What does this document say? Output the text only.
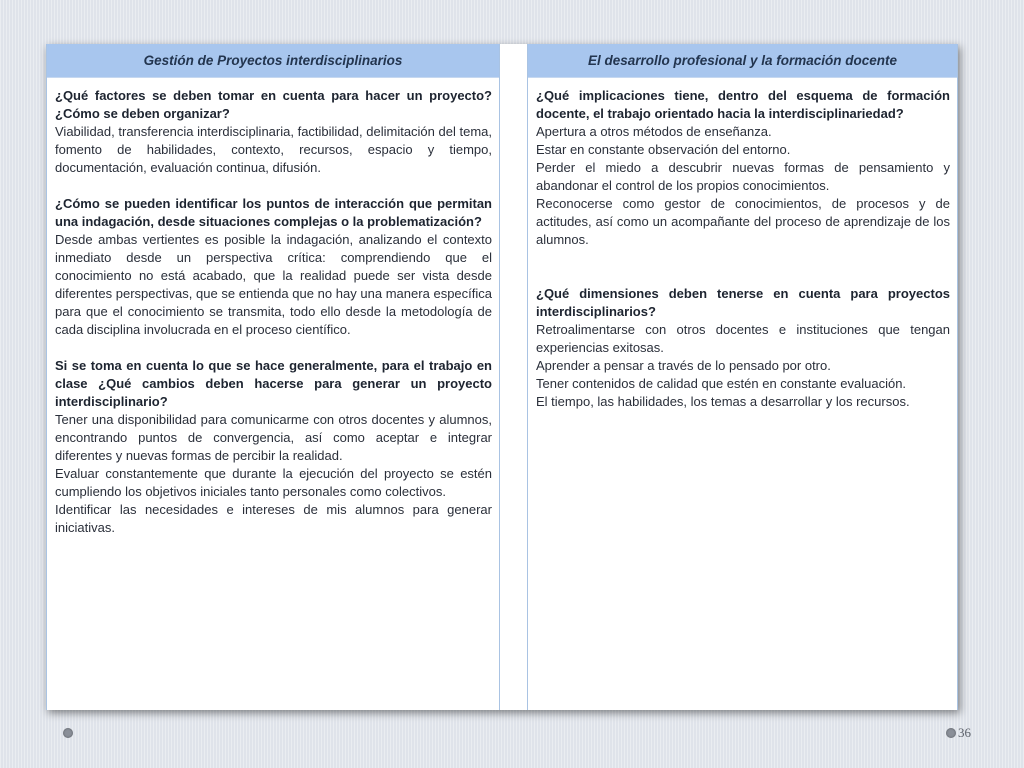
Gestión de Proyectos interdisciplinarios

¿Qué factores se deben tomar en cuenta para hacer un proyecto? ¿Cómo se deben organizar?

Viabilidad, transferencia interdisciplinaria, factibilidad, delimitación del tema, fomento de habilidades, contexto, recursos, espacio y tiempo, documentación, evaluación continua, difusión.

¿Cómo se pueden identificar los puntos de interacción que permitan una indagación, desde situaciones complejas o la problematización?

Desde ambas vertientes es posible la indagación, analizando el contexto inmediato desde un perspectiva crítica: comprendiendo que el conocimiento no está acabado, que la realidad puede ser vista desde diferentes perspectivas, que se entienda que no hay una manera específica para que el conocimiento se transmita, todo ello desde la metodología de cada disciplina involucrada en el proceso científico.

Si se toma en cuenta lo que se hace generalmente, para el trabajo en clase ¿Qué cambios deben hacerse para generar un proyecto interdisciplinario?

Tener una disponibilidad para comunicarme con otros docentes y alumnos, encontrando puntos de convergencia, así como aceptar e integrar diferentes y nuevas formas de percibir la realidad.

Evaluar constantemente que durante la ejecución del proyecto se estén cumpliendo los objetivos iniciales tanto personales como colectivos.

Identificar las necesidades e intereses de mis alumnos para generar iniciativas.

El desarrollo profesional y la formación docente

¿Qué implicaciones tiene, dentro del esquema de formación docente, el trabajo orientado hacia la interdisciplinariedad?

Apertura a otros métodos de enseñanza.

Estar en constante observación del entorno.

Perder el miedo a descubrir nuevas formas de pensamiento y abandonar el control de los propios conocimientos.

Reconocerse como gestor de conocimientos, de procesos y de actitudes, así como un acompañante del proceso de aprendizaje de los alumnos.

¿Qué dimensiones deben tenerse en cuenta para proyectos interdisciplinarios?

Retroalimentarse con otros docentes e instituciones que tengan experiencias exitosas.

Aprender a pensar a través de lo pensado por otro.

Tener contenidos de calidad que estén en constante evaluación.

El tiempo, las habilidades, los temas a desarrollar y los recursos.

36
